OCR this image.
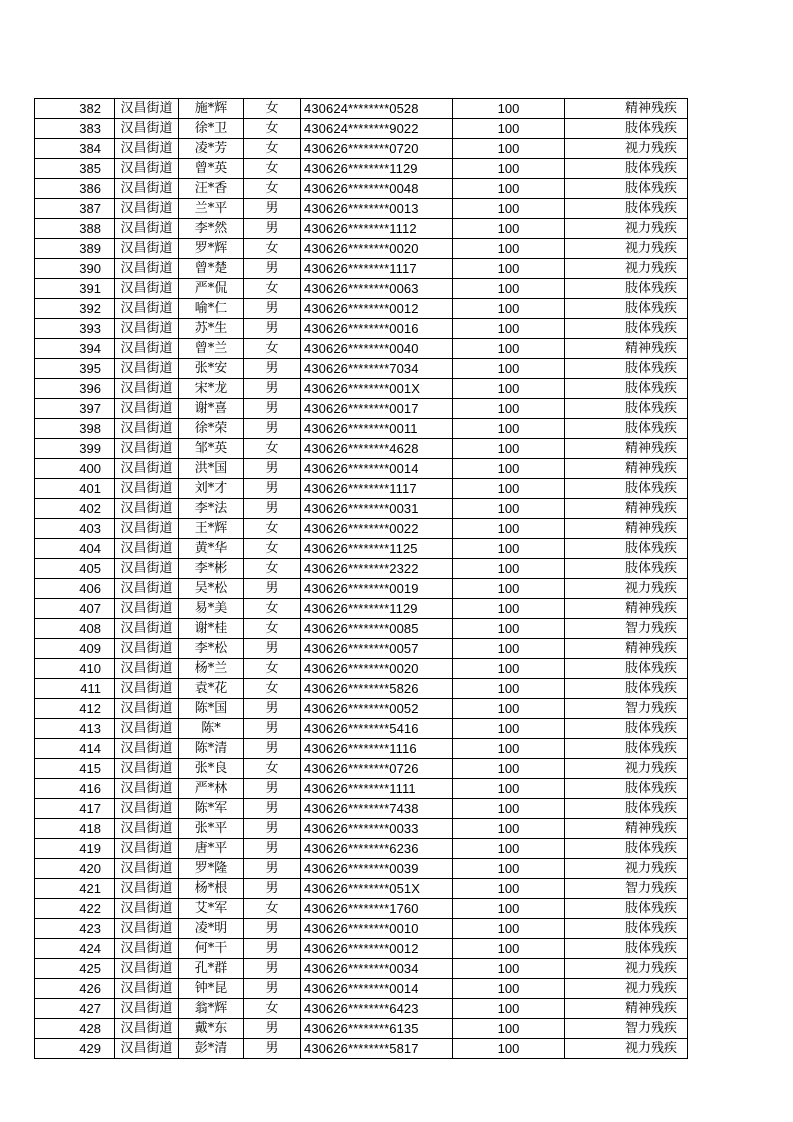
382	汉昌街道	施*辉	女	430624********0528	100	精神残疾
383	汉昌街道	徐*卫	女	430624********9022	100	肢体残疾
384	汉昌街道	凌*芳	女	430626********0720	100	视力残疾
385	汉昌街道	曾*英	女	430626********1129	100	肢体残疾
386	汉昌街道	汪*香	女	430626********0048	100	肢体残疾
387	汉昌街道	兰*平	男	430626********0013	100	肢体残疾
388	汉昌街道	李*然	男	430626********1112	100	视力残疾
389	汉昌街道	罗*辉	女	430626********0020	100	视力残疾
390	汉昌街道	曾*楚	男	430626********1117	100	视力残疾
391	汉昌街道	严*侃	女	430626********0063	100	肢体残疾
392	汉昌街道	喻*仁	男	430626********0012	100	肢体残疾
393	汉昌街道	苏*生	男	430626********0016	100	肢体残疾
394	汉昌街道	曾*兰	女	430626********0040	100	精神残疾
395	汉昌街道	张*安	男	430626********7034	100	肢体残疾
396	汉昌街道	宋*龙	男	430626********001X	100	肢体残疾
397	汉昌街道	谢*喜	男	430626********0017	100	肢体残疾
398	汉昌街道	徐*荣	男	430626********0011	100	肢体残疾
399	汉昌街道	邹*英	女	430626********4628	100	精神残疾
400	汉昌街道	洪*国	男	430626********0014	100	精神残疾
401	汉昌街道	刘*才	男	430626********1117	100	肢体残疾
402	汉昌街道	李*法	男	430626********0031	100	精神残疾
403	汉昌街道	王*辉	女	430626********0022	100	精神残疾
404	汉昌街道	黄*华	女	430626********1125	100	肢体残疾
405	汉昌街道	李*彬	女	430626********2322	100	肢体残疾
406	汉昌街道	吴*松	男	430626********0019	100	视力残疾
407	汉昌街道	易*美	女	430626********1129	100	精神残疾
408	汉昌街道	谢*桂	女	430626********0085	100	智力残疾
409	汉昌街道	李*松	男	430626********0057	100	精神残疾
410	汉昌街道	杨*兰	女	430626********0020	100	肢体残疾
411	汉昌街道	袁*花	女	430626********5826	100	肢体残疾
412	汉昌街道	陈*国	男	430626********0052	100	智力残疾
413	汉昌街道	陈*	男	430626********5416	100	肢体残疾
414	汉昌街道	陈*清	男	430626********1116	100	肢体残疾
415	汉昌街道	张*良	女	430626********0726	100	视力残疾
416	汉昌街道	严*林	男	430626********1111	100	肢体残疾
417	汉昌街道	陈*军	男	430626********7438	100	肢体残疾
418	汉昌街道	张*平	男	430626********0033	100	精神残疾
419	汉昌街道	唐*平	男	430626********6236	100	肢体残疾
420	汉昌街道	罗*隆	男	430626********0039	100	视力残疾
421	汉昌街道	杨*根	男	430626********051X	100	智力残疾
422	汉昌街道	艾*军	女	430626********1760	100	肢体残疾
423	汉昌街道	凌*明	男	430626********0010	100	肢体残疾
424	汉昌街道	何*干	男	430626********0012	100	肢体残疾
425	汉昌街道	孔*群	男	430626********0034	100	视力残疾
426	汉昌街道	钟*昆	男	430626********0014	100	视力残疾
427	汉昌街道	翁*辉	女	430626********6423	100	精神残疾
428	汉昌街道	戴*东	男	430626********6135	100	智力残疾
429	汉昌街道	彭*清	男	430626********5817	100	视力残疾
